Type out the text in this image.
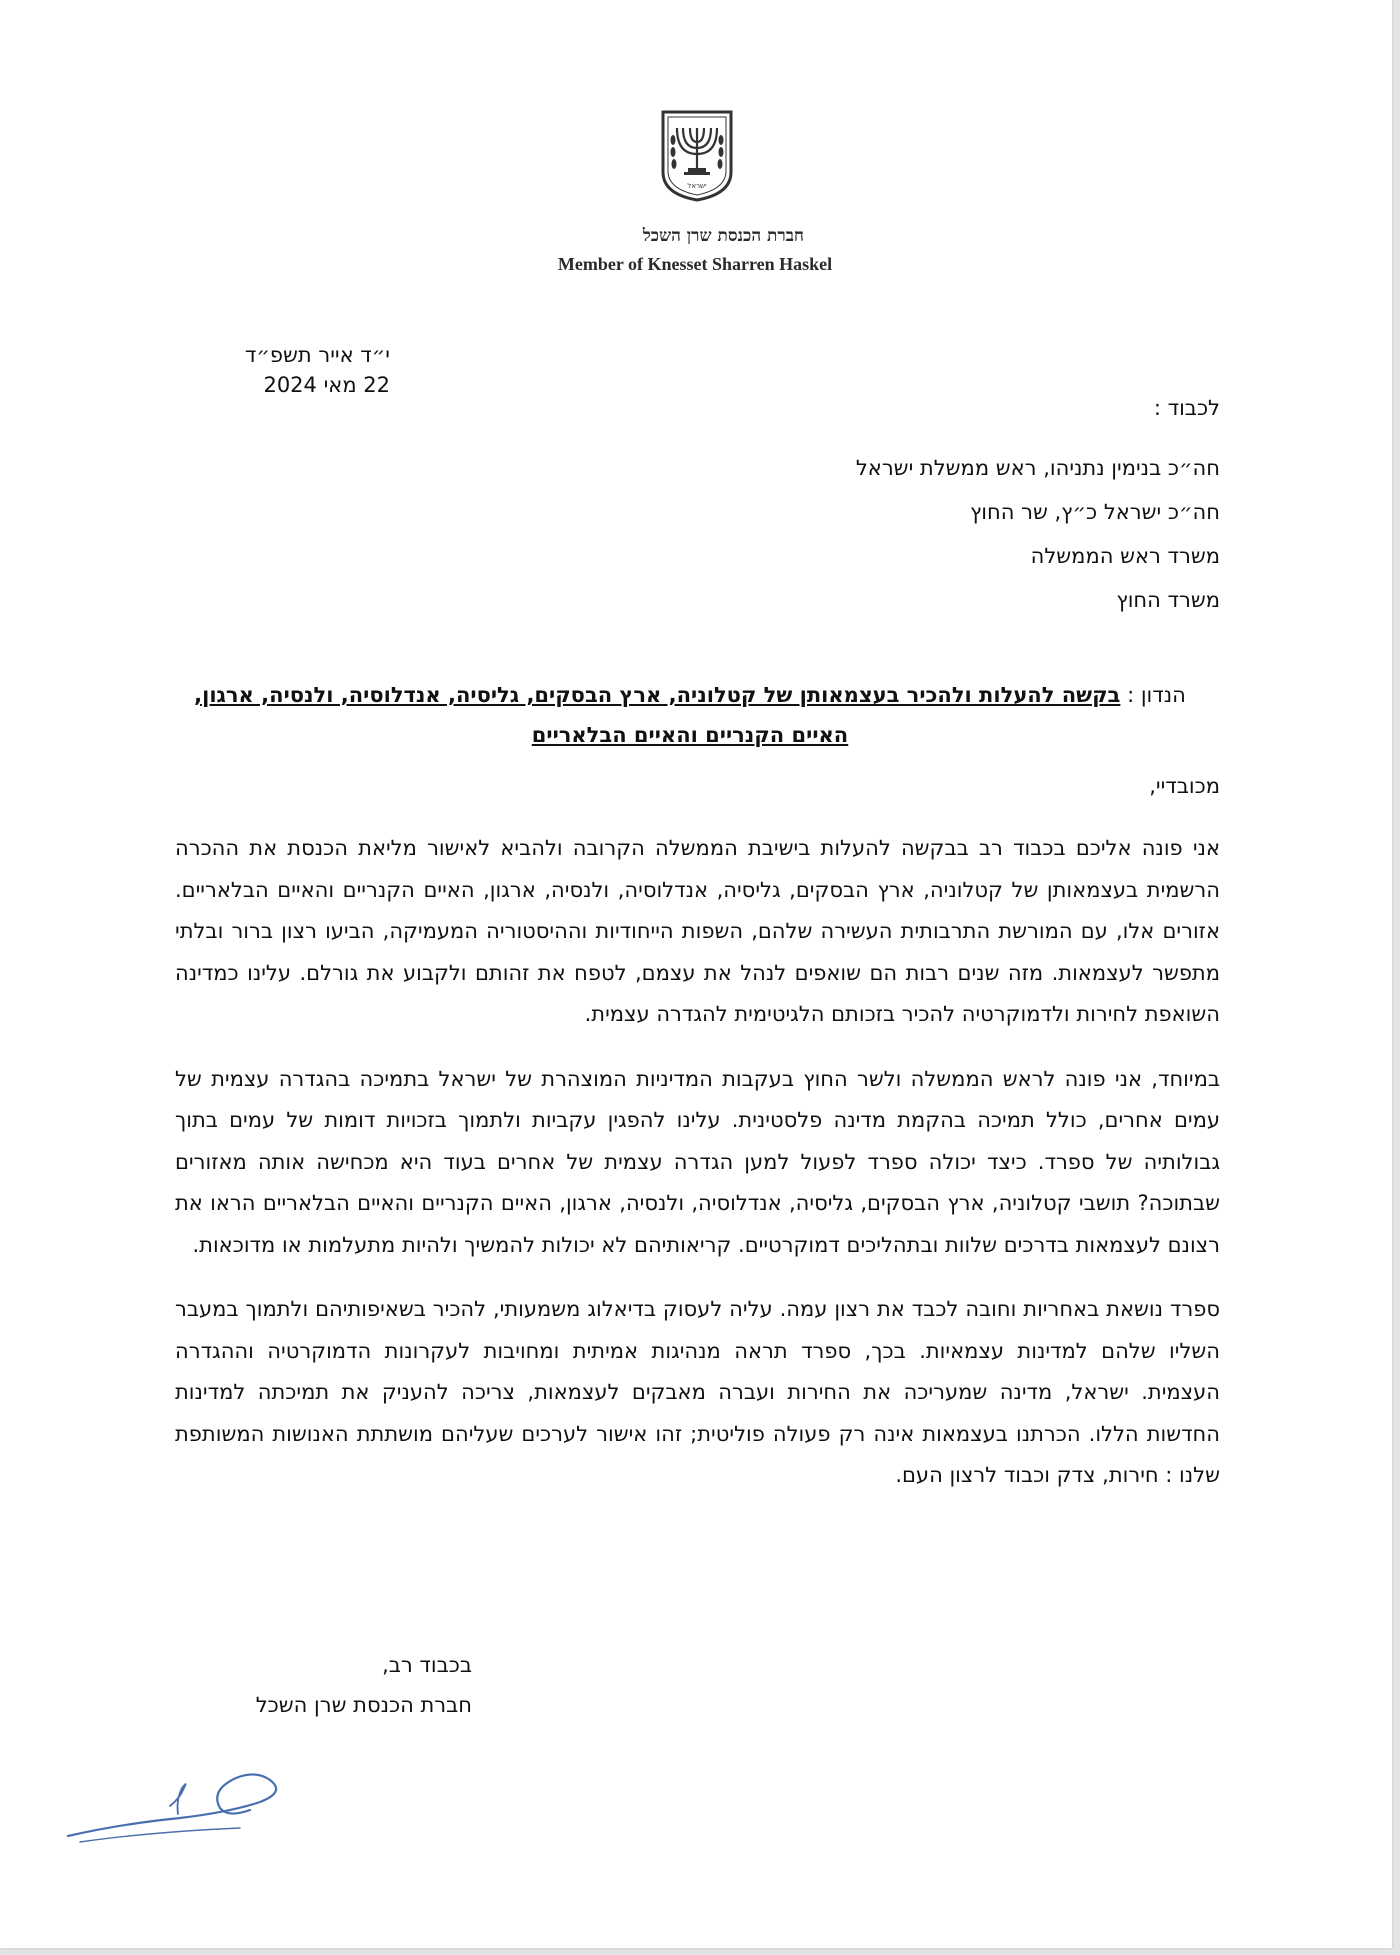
ישראל
חברת הכנסת שרן השכל
Member of Knesset Sharren Haskel
י״ד אייר תשפ״ד
22 מאי 2024
לכבוד :
חה״כ בנימין נתניהו, ראש ממשלת ישראל
חה״כ ישראל כ״ץ, שר החוץ
משרד ראש הממשלה
משרד החוץ
הנדון : בקשה להעלות ולהכיר בעצמאותן של קטלוניה, ארץ הבסקים, גליסיה, אנדלוסיה, ולנסיה, ארגון, האיים הקנריים והאיים הבלאריים
מכובדיי,

אני פונה אליכם בכבוד רב בבקשה להעלות בישיבת הממשלה הקרובה ולהביא לאישור מליאת הכנסת את ההכרה הרשמית בעצמאותן של קטלוניה, ארץ הבסקים, גליסיה, אנדלוסיה, ולנסיה, ארגון, האיים הקנריים והאיים הבלאריים. אזורים אלו, עם המורשת התרבותית העשירה שלהם, השפות הייחודיות וההיסטוריה המעמיקה, הביעו רצון ברור ובלתי מתפשר לעצמאות. מזה שנים רבות הם שואפים לנהל את עצמם, לטפח את זהותם ולקבוע את גורלם. עלינו כמדינה השואפת לחירות ולדמוקרטיה להכיר בזכותם הלגיטימית להגדרה עצמית.

במיוחד, אני פונה לראש הממשלה ולשר החוץ בעקבות המדיניות המוצהרת של ישראל בתמיכה בהגדרה עצמית של עמים אחרים, כולל תמיכה בהקמת מדינה פלסטינית. עלינו להפגין עקביות ולתמוך בזכויות דומות של עמים בתוך גבולותיה של ספרד. כיצד יכולה ספרד לפעול למען הגדרה עצמית של אחרים בעוד היא מכחישה אותה מאזורים שבתוכה? תושבי קטלוניה, ארץ הבסקים, גליסיה, אנדלוסיה, ולנסיה, ארגון, האיים הקנריים והאיים הבלאריים הראו את רצונם לעצמאות בדרכים שלוות ובתהליכים דמוקרטיים. קריאותיהם לא יכולות להמשיך ולהיות מתעלמות או מדוכאות.

ספרד נושאת באחריות וחובה לכבד את רצון עמה. עליה לעסוק בדיאלוג משמעותי, להכיר בשאיפותיהם ולתמוך במעבר השליו שלהם למדינות עצמאיות. בכך, ספרד תראה מנהיגות אמיתית ומחויבות לעקרונות הדמוקרטיה וההגדרה העצמית. ישראל, מדינה שמעריכה את החירות ועברה מאבקים לעצמאות, צריכה להעניק את תמיכתה למדינות החדשות הללו. הכרתנו בעצמאות אינה רק פעולה פוליטית; זהו אישור לערכים שעליהם מושתתת האנושות המשותפת שלנו : חירות, צדק וכבוד לרצון העם.

בכבוד רב,
חברת הכנסת שרן השכל
